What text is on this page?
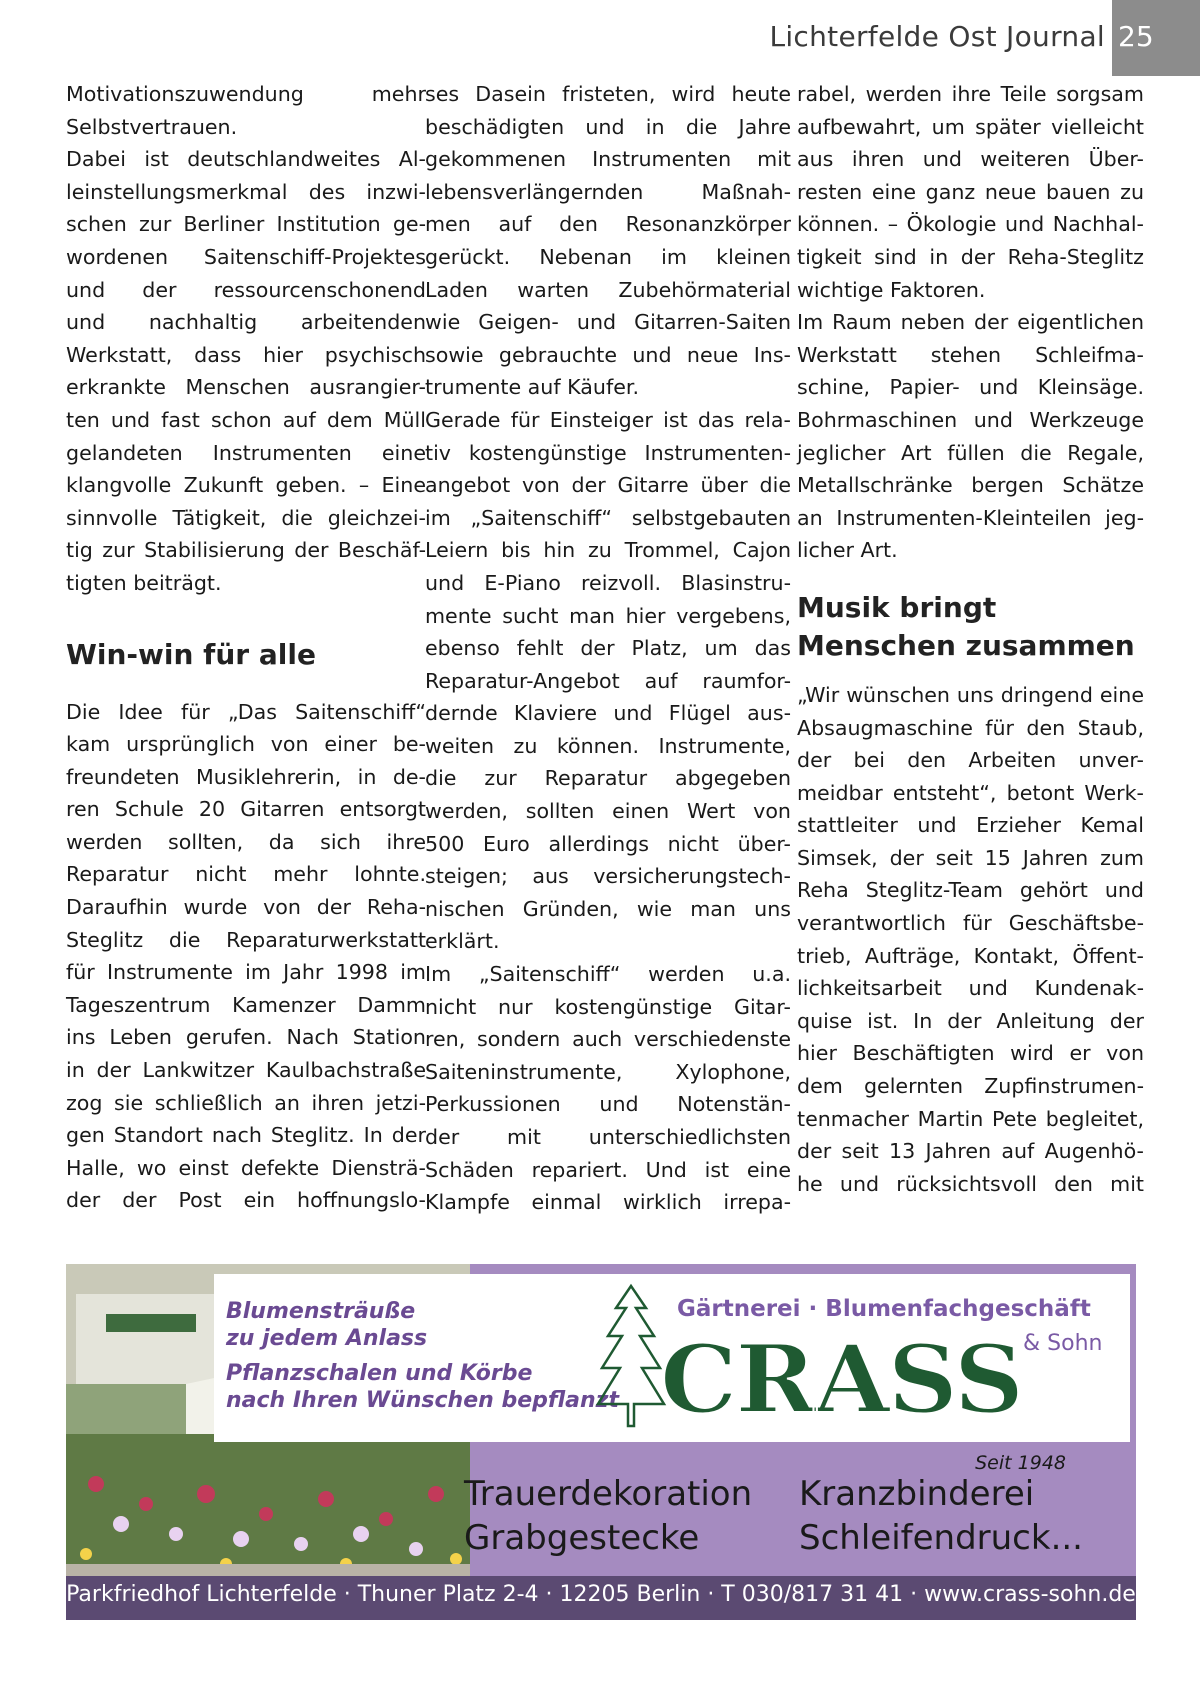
Lichterfelde Ost Journal 25
Motivationszuwendung mehr
Selbstvertrauen.
Dabei ist deutschlandweites Al-
leinstellungsmerkmal des inzwi-
schen zur Berliner Institution ge-
wordenen Saitenschiff-Projektes
und der ressourcenschonend
und nachhaltig arbeitenden
Werkstatt, dass hier psychisch
erkrankte Menschen ausrangier-
ten und fast schon auf dem Müll
gelandeten Instrumenten eine
klangvolle Zukunft geben. – Eine
sinnvolle Tätigkeit, die gleichzei-
tig zur Stabilisierung der Beschäf-
tigten beiträgt.
Win-win für alle
Die Idee für „Das Saitenschiff“
kam ursprünglich von einer be-
freundeten Musiklehrerin, in de-
ren Schule 20 Gitarren entsorgt
werden sollten, da sich ihre
Reparatur nicht mehr lohnte.
Daraufhin wurde von der Reha-
Steglitz die Reparaturwerkstatt
für Instrumente im Jahr 1998 im
Tageszentrum Kamenzer Damm
ins Leben gerufen. Nach Station
in der Lankwitzer Kaulbachstraße
zog sie schließlich an ihren jetzi-
gen Standort nach Steglitz. In der
Halle, wo einst defekte Diensträ-
der der Post ein hoffnungslo-
ses Dasein fristeten, wird heute
beschädigten und in die Jahre
gekommenen Instrumenten mit
lebensverlängernden Maßnah-
men auf den Resonanzkörper
gerückt. Nebenan im kleinen
Laden warten Zubehörmaterial
wie Geigen- und Gitarren-Saiten
sowie gebrauchte und neue Ins-
trumente auf Käufer.
Gerade für Einsteiger ist das rela-
tiv kostengünstige Instrumenten-
angebot von der Gitarre über die
im „Saitenschiff“ selbstgebauten
Leiern bis hin zu Trommel, Cajon
und E-Piano reizvoll. Blasinstru-
mente sucht man hier vergebens,
ebenso fehlt der Platz, um das
Reparatur-Angebot auf raumfor-
dernde Klaviere und Flügel aus-
weiten zu können. Instrumente,
die zur Reparatur abgegeben
werden, sollten einen Wert von
500 Euro allerdings nicht über-
steigen; aus versicherungstech-
nischen Gründen, wie man uns
erklärt.
Im „Saitenschiff“ werden u.a.
nicht nur kostengünstige Gitar-
ren, sondern auch verschiedenste
Saiteninstrumente, Xylophone,
Perkussionen und Notenstän-
der mit unterschiedlichsten
Schäden repariert. Und ist eine
Klampfe einmal wirklich irrepa-
rabel, werden ihre Teile sorgsam
aufbewahrt, um später vielleicht
aus ihren und weiteren Über-
resten eine ganz neue bauen zu
können. – Ökologie und Nachhal-
tigkeit sind in der Reha-Steglitz
wichtige Faktoren.
Im Raum neben der eigentlichen
Werkstatt stehen Schleifma-
schine, Papier- und Kleinsäge.
Bohrmaschinen und Werkzeuge
jeglicher Art füllen die Regale,
Metallschränke bergen Schätze
an Instrumenten-Kleinteilen jeg-
licher Art.
Musik bringt
Menschen zusammen
„Wir wünschen uns dringend eine
Absaugmaschine für den Staub,
der bei den Arbeiten unver-
meidbar entsteht“, betont Werk-
stattleiter und Erzieher Kemal
Simsek, der seit 15 Jahren zum
Reha Steglitz-Team gehört und
verantwortlich für Geschäftsbe-
trieb, Aufträge, Kontakt, Öffent-
lichkeitsarbeit und Kundenak-
quise ist. In der Anleitung der
hier Beschäftigten wird er von
dem gelernten Zupfinstrumen-
tenmacher Martin Pete begleitet,
der seit 13 Jahren auf Augenhö-
he und rücksichtsvoll den mit
Blumensträuße
zu jedem Anlass
Pflanzschalen und Körbe
nach Ihren Wünschen bepflanzt
Gärtnerei · Blumenfachgeschäft
CRASS & Sohn
Seit 1948
Trauerdekoration
Grabgestecke
Kranzbinderei
Schleifendruck...
Parkfriedhof Lichterfelde · Thuner Platz 2-4 · 12205 Berlin · T 030/817 31 41 · www.crass-sohn.de
